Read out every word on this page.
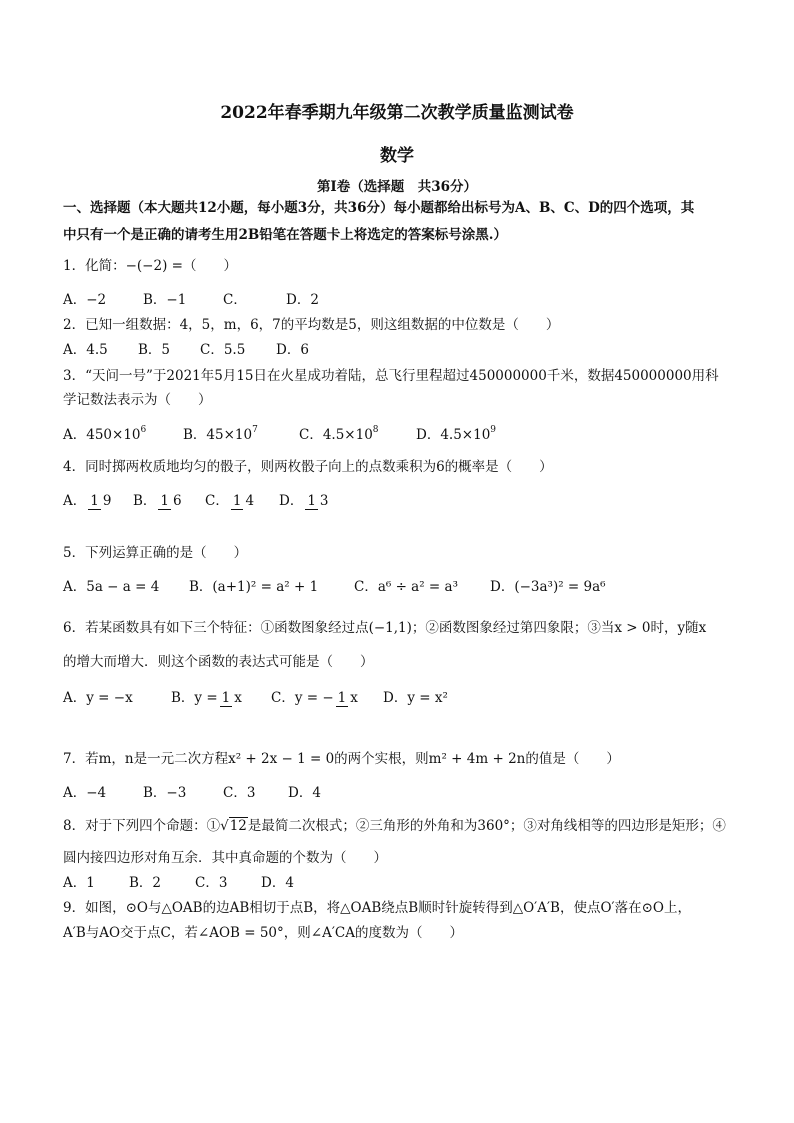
2022年春季期九年级第二次教学质量监测试卷
数学
第Ⅰ卷（选择题　共36分）
一、选择题（本大题共12小题，每小题3分，共36分）每小题都给出标号为A、B、C、D的四个选项，其
中只有一个是正确的请考生用2B铅笔在答题卡上将选定的答案标号涂黑.）
1．化简：−(−2) =（　　）
A．−2	B．−1	C．	D．2
2．已知一组数据：4，5，m，6，7的平均数是5，则这组数据的中位数是（　　）
A．4.5 B．5 C．5.5 D．6
3．“天问一号”于2021年5月15日在火星成功着陆，总飞行里程超过450000000千米，数据450000000用科
学记数法表示为（　　）
A．$450\times 10^6$	B．$45\times 10^7$	C．$4.5\times 10^8$	D．$4.5\times 10^9$
4．同时掷两枚质地均匀的骰子，则两枚骰子向上的点数乘积为6的概率是（　　）
A． 1 9 B． 1 6 C． 1 4 D． 1 3
5．下列运算正确的是（　　）
A．5a − a = 4 B．(a+1)² = a² + 1	C．a⁶ ÷ a² = a³ D．(−3a³)² = 9a⁶
6．若某函数具有如下三个特征：①函数图象经过点(−1,1)；②函数图象经过第四象限；③当x > 0时，y随x
的增大而增大．则这个函数的表达式可能是（　　）
A．y = −x	B．y = 1 x C．y = − 1 x D．y = x²
7．若m，n是一元二次方程x² + 2x − 1 = 0的两个实根，则m² + 4m + 2n的值是（　　）
A．−4	B．−3	C．3 D．4
8．对于下列四个命题：①√12是最简二次根式；②三角形的外角和为360°；③对角线相等的四边形是矩形；④
圆内接四边形对角互余．其中真命题的个数为（　　）
A．1	B．2	C．3 D．4
9．如图，⊙O与△OAB的边AB相切于点B，将△OAB绕点B顺时针旋转得到△O′A′B，使点O′落在⊙O上，
A′B与AO交于点C，若∠AOB = 50°，则∠A′CA的度数为（　　）
